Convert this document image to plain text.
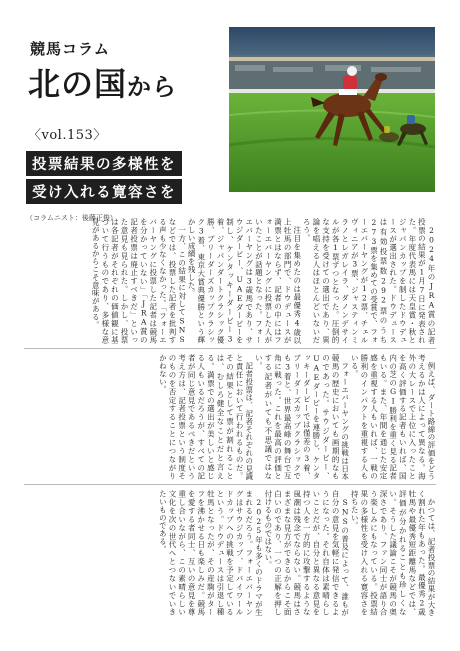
競馬コラム
北の国から
〈vol.153〉
投票結果の多様性を
受け入れる寛容さを
（コラムニスト：後藤正俊）

2024年のJRA賞の記者投票の結果が1月7日に発表された。年度代表馬には天皇賞・秋とジャパンカップを制したドウデュースが選出された。ドウデュースは有効投票数292票のうち273票を集めての受賞で、フォーエバーヤングが12票、チェルヴィニアが3票、ジャスティンミラノとレガレイラ、ダノンデサイルが各1票ずつとなった。圧倒的な支持を受けての選出であり、異論を唱える人はほとんどいないだろう。

注目を集めたのは最優秀4歳以上牡馬の部門で、ドウデュースが満票とはならず、記者の中にはフォーエバーヤングに投票した人がいたことが話題となった。フォーエバーヤングは3歳馬であり、サウジダービー、UAEダービーを制し、ケンタッキーダービー3着、ジャパンダートクラシック優勝、ブリーダーズカップクラシック3着、東京大賞典優勝という輝かしい成績を残した。

一方、この結果に対してSNSなどでは、投票した記者を批判する声も少なくなかった。「フォーエバーヤングに投票した記者は競馬を分かっていない」「JRA賞の記者投票は廃止すべきだ」といった意見も見られた。しかし、投票は各記者がそれぞれの価値観に基づいて行うものであり、多様な意見があるからこそ意味がある。

例えば、ダート路線の評価をどう考えるかは人によって異なる。海外の大レースで上位に入ったことを高く評価する記者もいれば、国内の芝のGⅠ勝利を重く見る記者もいる。また、年間を通じた安定感を重視する人もいれば、一戦の勝利のインパクトを重視する人もいる。

フォーエバーヤングの挑戦は日本競馬の歴史においても画期的なものであった。サウジダービー、UAEダービーを連勝し、ケンタッキーダービーでは僅差の3着、ブリーダーズカップクラシックでも3着と、世界最高峰の舞台で互角に戦った。これを最高の評価とする記者がいても不思議ではない。

記者投票は、記者それぞれの見識と責任において行われるものだ。その結果として票が割れることは、むしろ健全なことだと言える。満票での選出が美しいと感じる人もいるだろうが、すべての記者が同じ意見であるべきだという考え方は、記者投票という制度そのものを否定することにつながりかねない。

かつては、記者投票の結果が大きく割れた年もあった。最優秀2歳牡馬や最優秀短距離馬などでは、評価が分かれることも珍しくない。そうした議論こそが競馬の奥深さであり、ファン同士が語り合う楽しみにもなっている。投票結果の多様性を受け入れる寛容さを持ちたい。

SNSの普及によって、誰もが自分の意見を気軽に発信できるようになった。それ自体は素晴らしいことだが、自分と異なる意見を持つ人を一方的に攻撃するような風潮は残念でならない。競馬はさまざまな見方ができるからこそ面白いのであり、一つの正解を押し付けるものではない。

2025年も多くのドラマが生まれるだろう。フォーエバーヤングはサウジカップ、ドバイワールドカップへの挑戦を予定しているという。ドウデュースは引退し種牡馬となったが、その産駒がターフを沸かせる日も楽しみだ。競馬を愛する者同士、互いの意見を尊重し合いながら、この素晴らしい文化を次の世代へとつないでいきたいものである。
